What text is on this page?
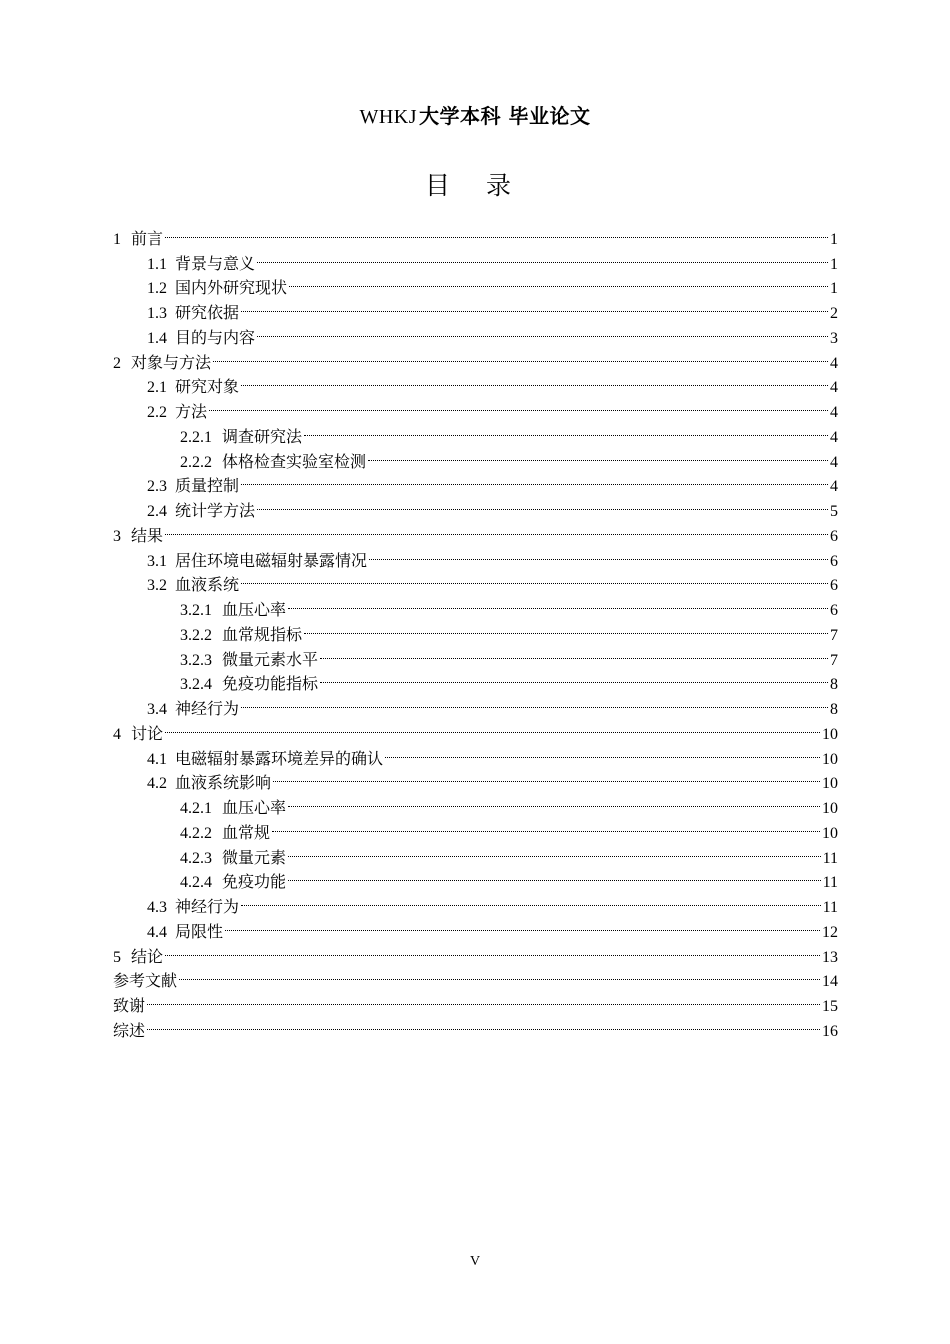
WHKJ 大学本科 毕业论文
目 录
1 前言	1
1.1 背景与意义	1
1.2 国内外研究现状	1
1.3 研究依据	2
1.4 目的与内容	3
2 对象与方法	4
2.1 研究对象	4
2.2 方法	4
2.2.1 调查研究法	4
2.2.2 体格检查实验室检测	4
2.3 质量控制	4
2.4 统计学方法	5
3 结果	6
3.1 居住环境电磁辐射暴露情况	6
3.2 血液系统	6
3.2.1 血压心率	6
3.2.2 血常规指标	7
3.2.3 微量元素水平	7
3.2.4 免疫功能指标	8
3.4 神经行为	8
4 讨论	10
4.1 电磁辐射暴露环境差异的确认	10
4.2 血液系统影响	10
4.2.1 血压心率	10
4.2.2 血常规	10
4.2.3 微量元素	11
4.2.4 免疫功能	11
4.3 神经行为	11
4.4 局限性	12
5 结论	13
参考文献	14
致谢	15
综述	16
V
